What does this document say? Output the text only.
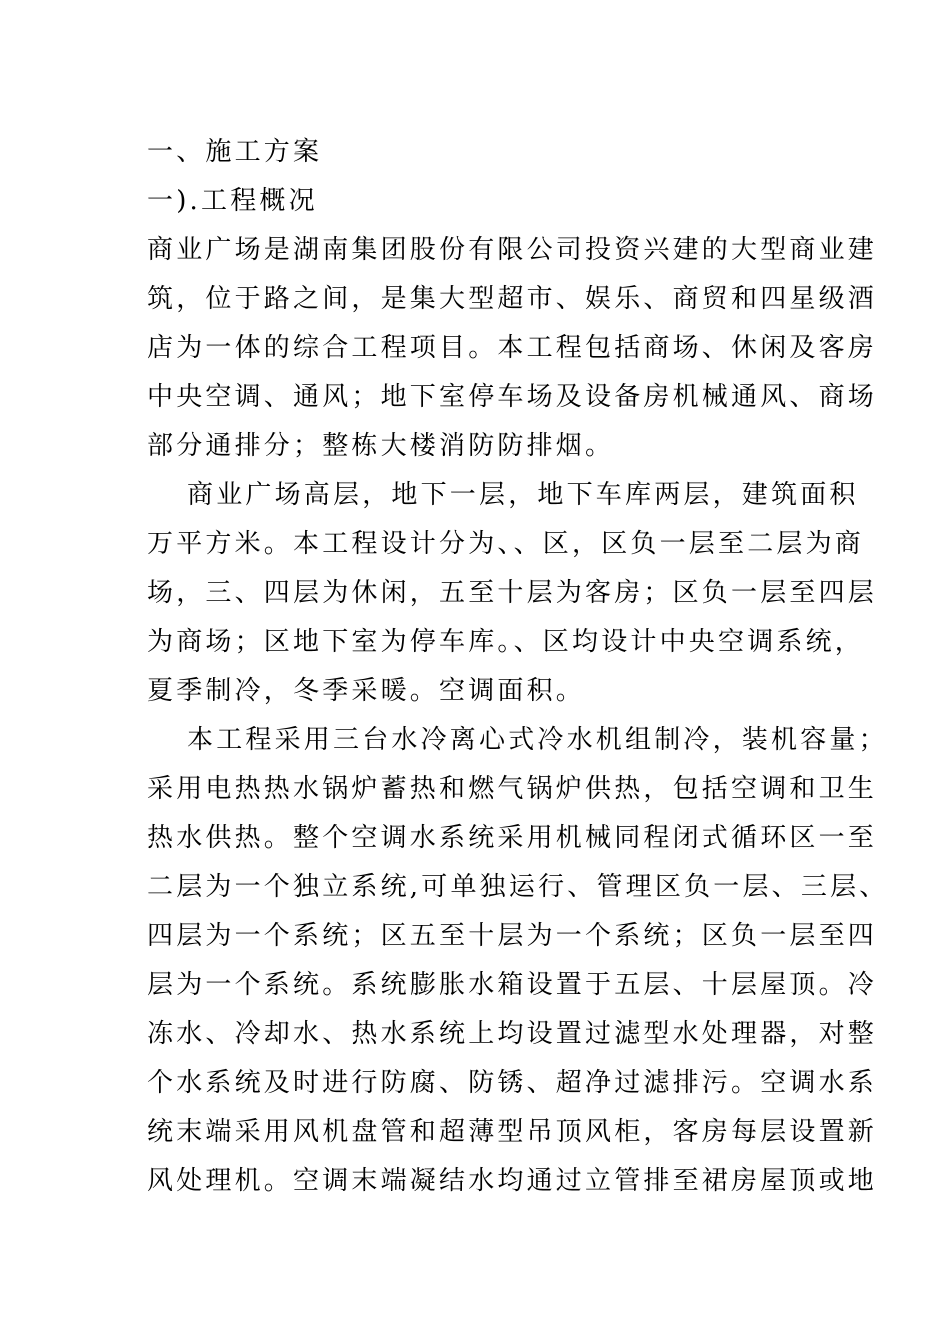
一、施工方案
一).工程概况
商业广场是湖南集团股份有限公司投资兴建的大型商业建
筑，位于路之间，是集大型超市、娱乐、商贸和四星级酒
店为一体的综合工程项目。本工程包括商场、休闲及客房
中央空调、通风；地下室停车场及设备房机械通风、商场
部分通排分；整栋大楼消防防排烟。
商业广场高层，地下一层，地下车库两层，建筑面积
万平方米。本工程设计分为、、区，区负一层至二层为商
场，三、四层为休闲，五至十层为客房；区负一层至四层
为商场；区地下室为停车库。、区均设计中央空调系统，
夏季制冷，冬季采暖。空调面积。
本工程采用三台水冷离心式冷水机组制冷，装机容量；
采用电热热水锅炉蓄热和燃气锅炉供热，包括空调和卫生
热水供热。整个空调水系统采用机械同程闭式循环区一至
二层为一个独立系统,可单独运行、管理区负一层、三层、
四层为一个系统；区五至十层为一个系统；区负一层至四
层为一个系统。系统膨胀水箱设置于五层、十层屋顶。冷
冻水、冷却水、热水系统上均设置过滤型水处理器，对整
个水系统及时进行防腐、防锈、超净过滤排污。空调水系
统末端采用风机盘管和超薄型吊顶风柜，客房每层设置新
风处理机。空调末端凝结水均通过立管排至裙房屋顶或地
